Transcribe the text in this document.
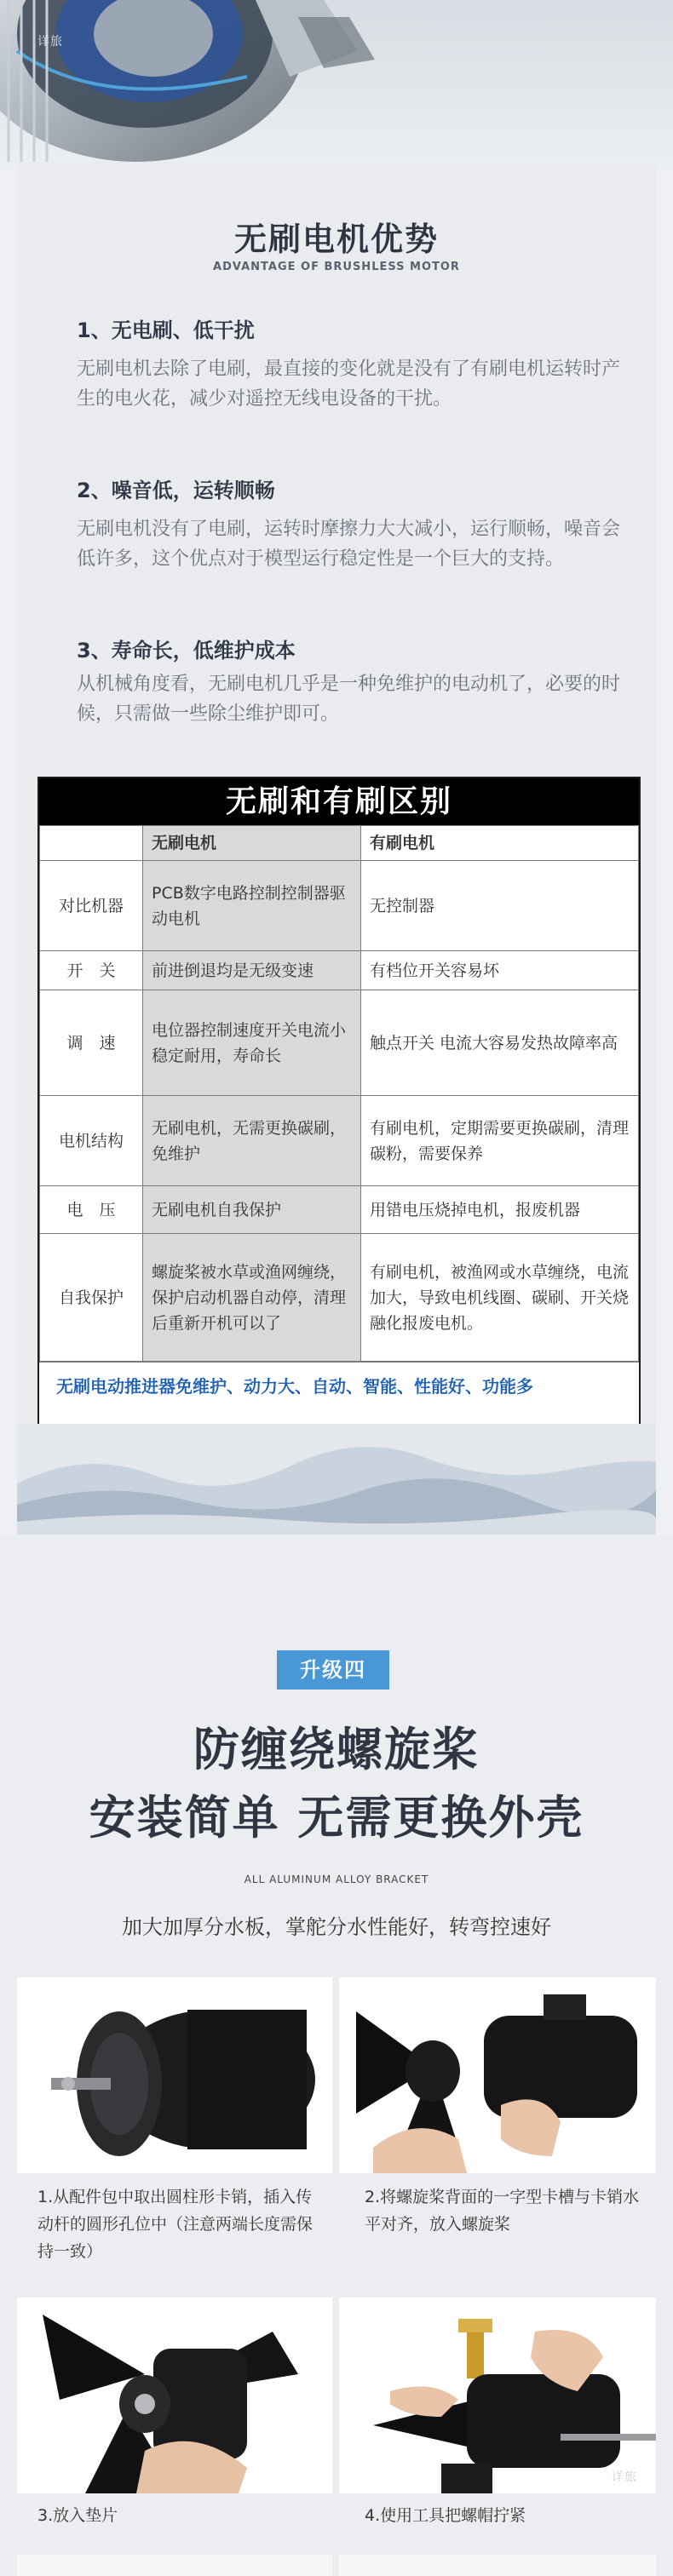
详旅
无刷电机优势
ADVANTAGE OF BRUSHLESS MOTOR
1、无电刷、低干扰
无刷电机去除了电刷，最直接的变化就是没有了有刷电机运转时产生的电火花，减少对遥控无线电设备的干扰。
2、噪音低，运转顺畅
无刷电机没有了电刷，运转时摩擦力大大减小，运行顺畅，噪音会低许多，这个优点对于模型运行稳定性是一个巨大的支持。
3、寿命长，低维护成本
从机械角度看，无刷电机几乎是一种免维护的电动机了，必要的时候，只需做一些除尘维护即可。
无刷和有刷区别
	无刷电机	有刷电机
对比机器	PCB数字电路控制控制器驱动电机	无控制器
开　关	前进倒退均是无级变速	有档位开关容易坏
调　速	电位器控制速度开关电流小稳定耐用，寿命长	触点开关 电流大容易发热故障率高
电机结构	无刷电机，无需更换碳刷，免维护	有刷电机，定期需要更换碳刷，清理碳粉，需要保养
电　压	无刷电机自我保护	用错电压烧掉电机，报废机器
自我保护	螺旋桨被水草或渔网缠绕，保护启动机器自动停，清理后重新开机可以了	有刷电机，被渔网或水草缠绕，电流加大，导致电机线圈、碳刷、开关烧融化报废电机。
无刷电动推进器免维护、动力大、自动、智能、性能好、功能多
升级四
防缠绕螺旋桨
安装简单 无需更换外壳
ALL ALUMINUM ALLOY BRACKET
加大加厚分水板，掌舵分水性能好，转弯控速好
1.从配件包中取出圆柱形卡销，插入传动杆的圆形孔位中（注意两端长度需保持一致）
2.将螺旋桨背面的一字型卡槽与卡销水平对齐，放入螺旋桨
3.放入垫片
详旅
4.使用工具把螺帽拧紧
